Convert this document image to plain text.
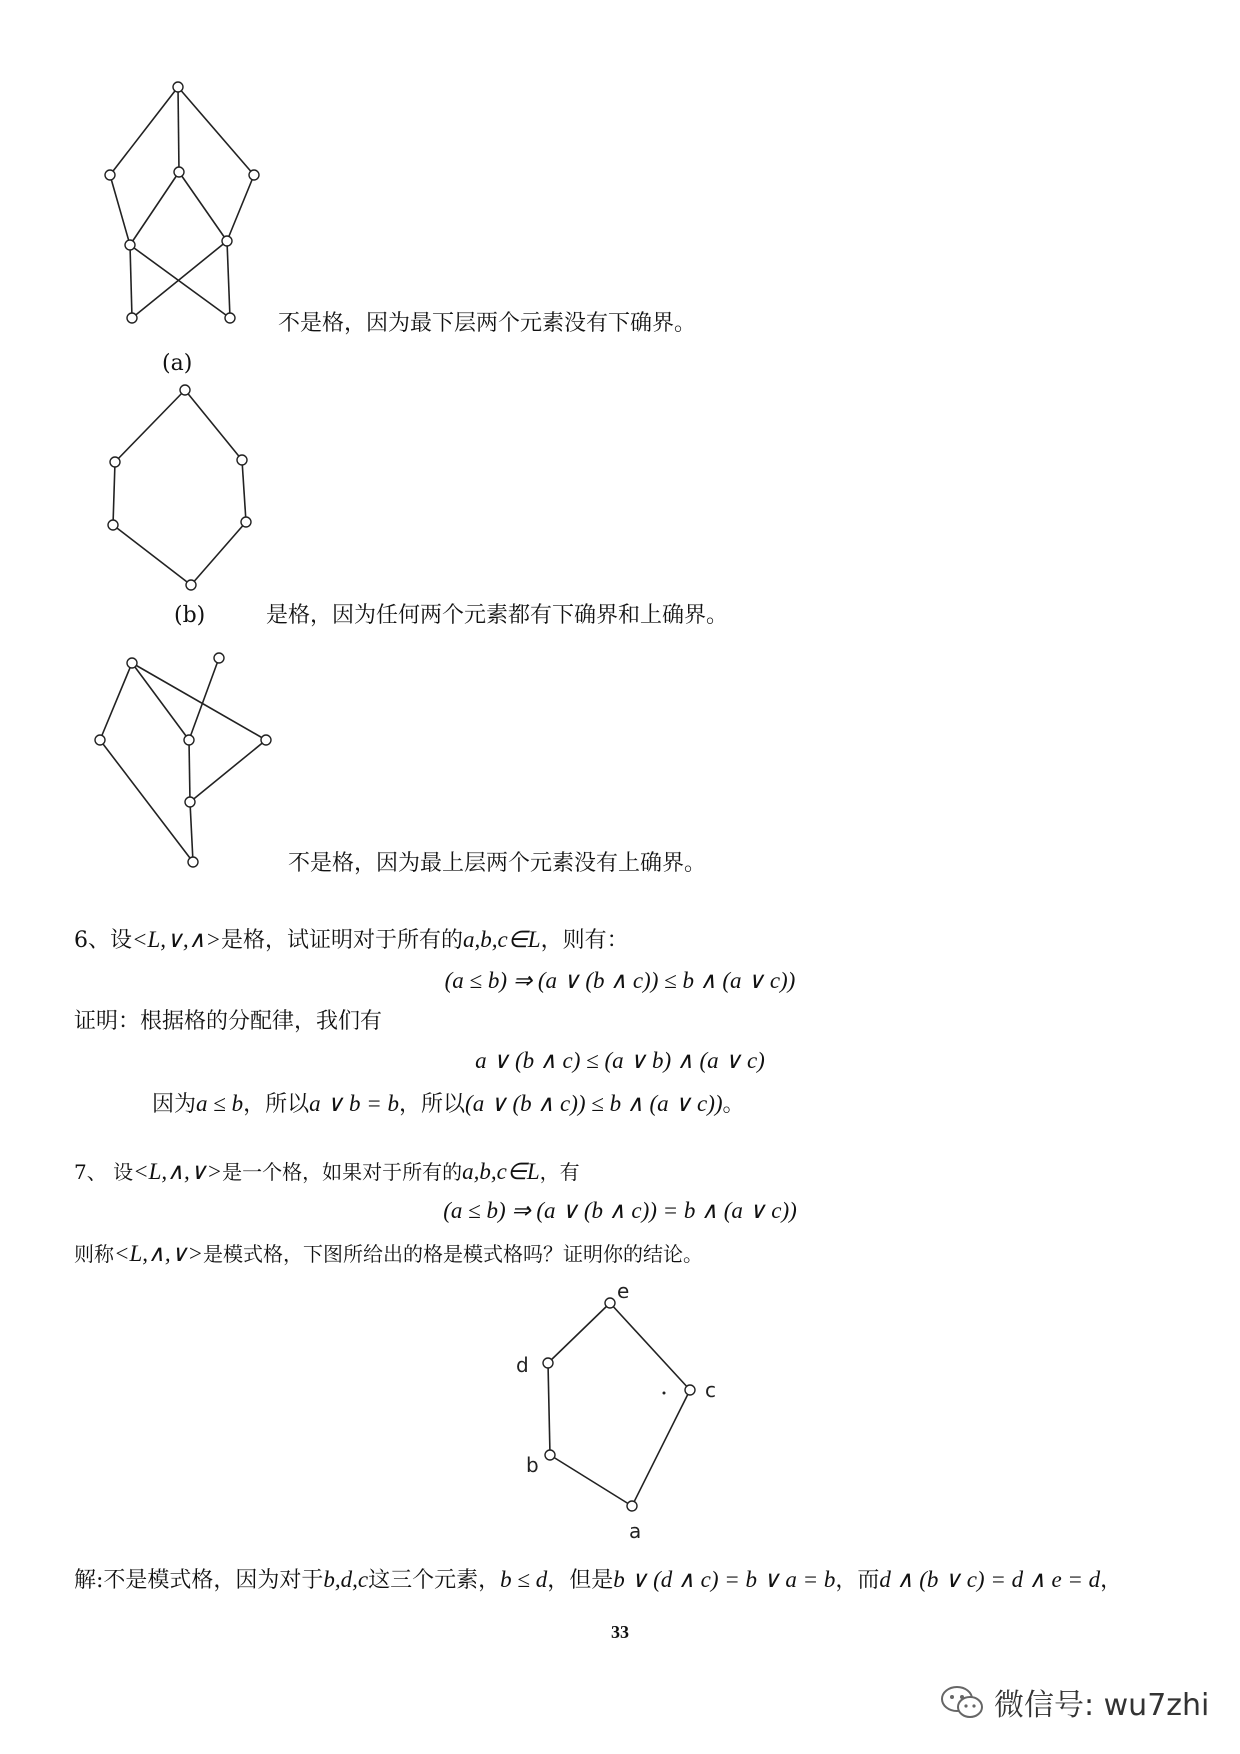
不是格，因为最下层两个元素没有下确界。
(a)
(b)	是格，因为任何两个元素都有下确界和上确界。
不是格，因为最上层两个元素没有上确界。
6、设<L,∨,∧>是格，试证明对于所有的a,b,c∈L，则有：
(a ≤ b) ⇒ (a ∨ (b ∧ c)) ≤ b ∧ (a ∨ c))
证明：根据格的分配律，我们有
a ∨ (b ∧ c) ≤ (a ∨ b) ∧ (a ∨ c)
因为a ≤ b，所以a ∨ b = b，所以(a ∨ (b ∧ c)) ≤ b ∧ (a ∨ c))。
7、 设<L,∧,∨>是一个格，如果对于所有的a,b,c∈L，有
(a ≤ b) ⇒ (a ∨ (b ∧ c)) = b ∧ (a ∨ c))
则称<L,∧,∨>是模式格，下图所给出的格是模式格吗？证明你的结论。
e
d
c
b
a
解:不是模式格，因为对于b,d,c这三个元素，b ≤ d，但是b ∨ (d ∧ c) = b ∨ a = b，而d ∧ (b ∨ c) = d ∧ e = d，
33
微信号: wu7zhi
